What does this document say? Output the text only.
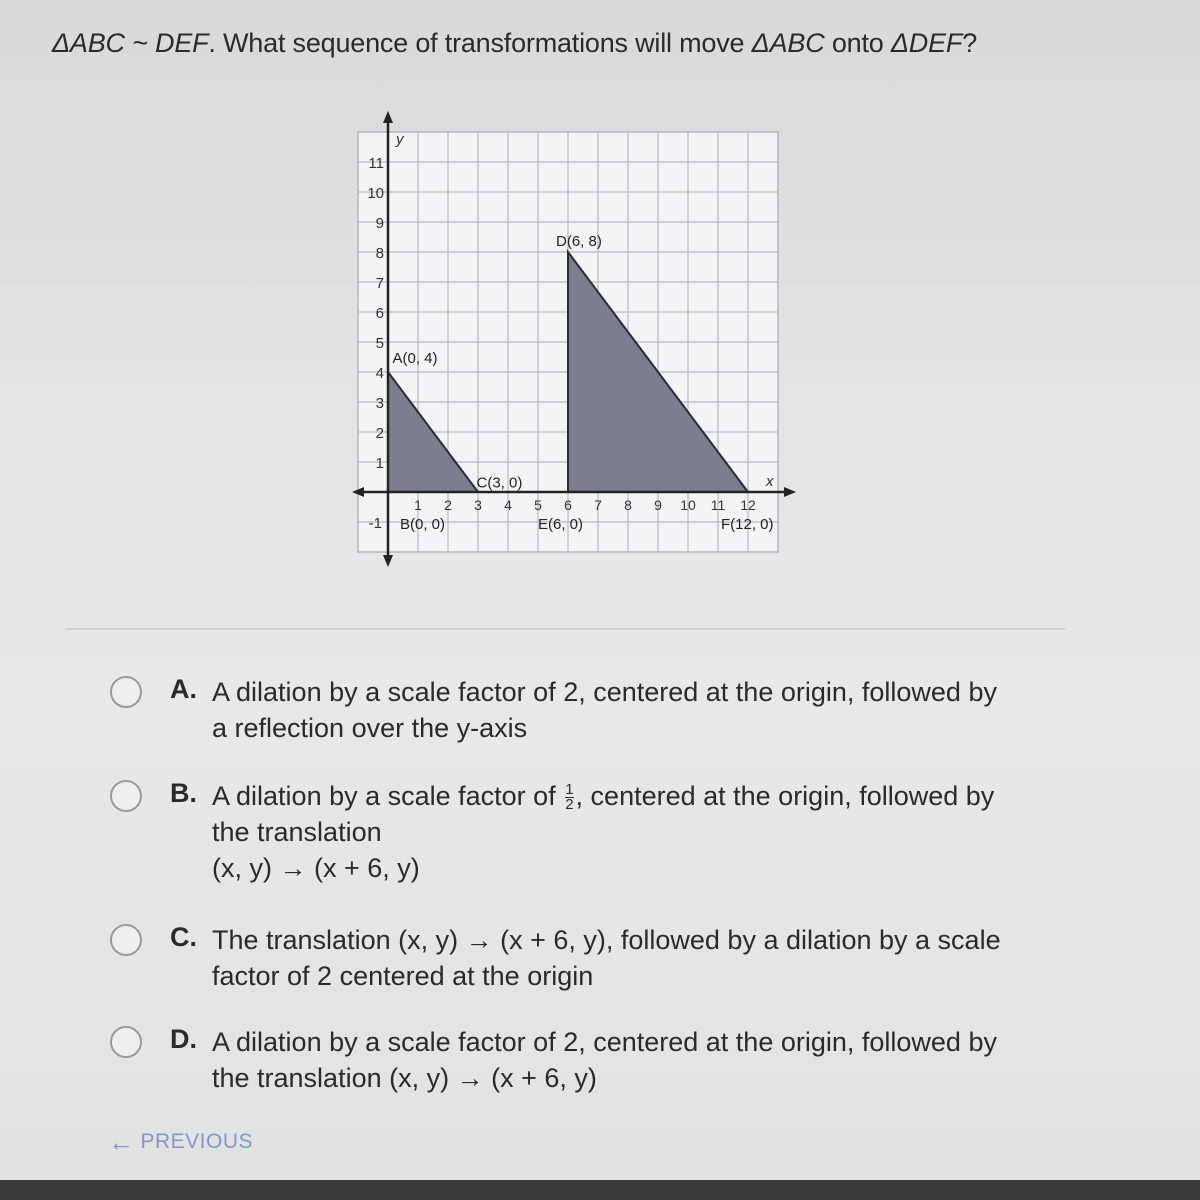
ΔABC ~ DEF. What sequence of transformations will move ΔABC onto ΔDEF?
y
x
11
10
9
8
7
6
5
4
3
2
1
-1
1 2 3 4 5 6 7 8 9 10 11 12
A(0, 4)
B(0, 0)
C(3, 0)
D(6, 8)
E(6, 0)	F(12, 0)
A. A dilation by a scale factor of 2, centered at the origin, followed by
a reflection over the y-axis
B. A dilation by a scale factor of $\frac{1}{2}$ , centered at the origin, followed by
the translation
(x, y) → (x + 6, y)
C. The translation (x, y) → (x + 6, y), followed by a dilation by a scale
factor of 2 centered at the origin
D. A dilation by a scale factor of 2, centered at the origin, followed by
the translation (x, y) → (x + 6, y)
← PREVIOUS
